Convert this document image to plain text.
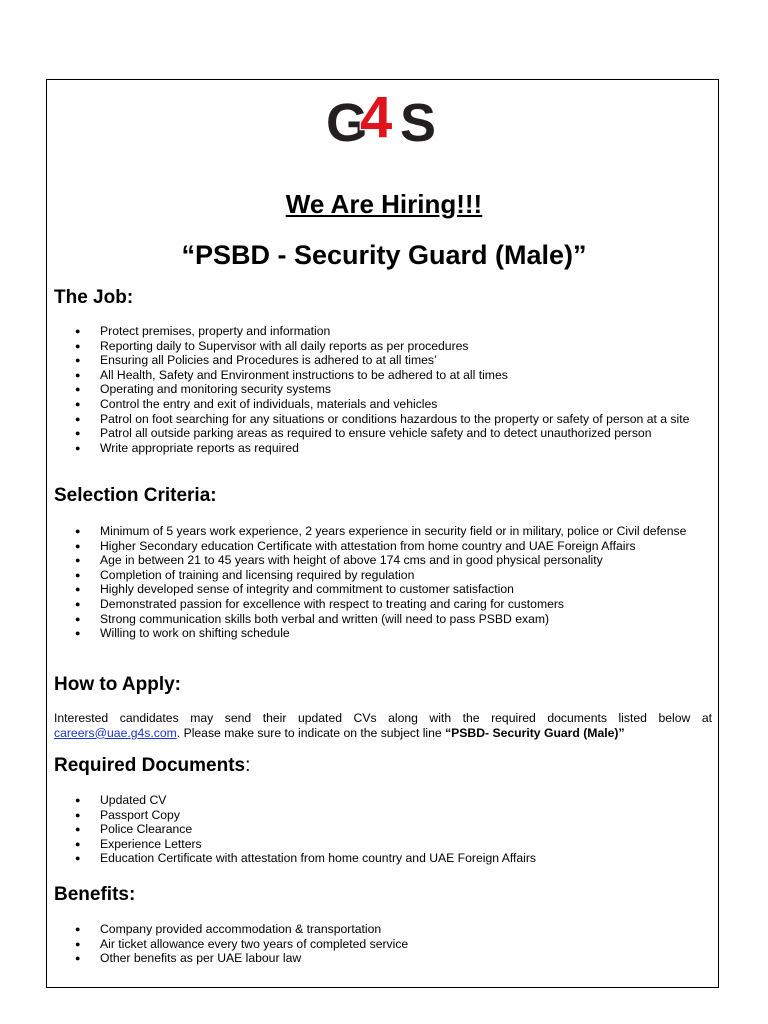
G S
4
We Are Hiring!!!
“PSBD - Security Guard (Male)”
The Job:
● Protect premises, property and information
● Reporting daily to Supervisor with all daily reports as per procedures
● Ensuring all Policies and Procedures is adhered to at all times’
● All Health, Safety and Environment instructions to be adhered to at all times
● Operating and monitoring security systems
● Control the entry and exit of individuals, materials and vehicles
● Patrol on foot searching for any situations or conditions hazardous to the property or safety of person at a site
● Patrol all outside parking areas as required to ensure vehicle safety and to detect unauthorized person
● Write appropriate reports as required
Selection Criteria:
● Minimum of 5 years work experience, 2 years experience in security field or in military, police or Civil defense
● Higher Secondary education Certificate with attestation from home country and UAE Foreign Affairs
● Age in between 21 to 45 years with height of above 174 cms and in good physical personality
● Completion of training and licensing required by regulation
● Highly developed sense of integrity and commitment to customer satisfaction
● Demonstrated passion for excellence with respect to treating and caring for customers
● Strong communication skills both verbal and written (will need to pass PSBD exam)
● Willing to work on shifting schedule
How to Apply:

Interested candidates may send their updated CVs along with the required documents listed below at careers@uae.g4s.com. Please make sure to indicate on the subject line “PSBD- Security Guard (Male)”

Required Documents:
● Updated CV
● Passport Copy
● Police Clearance
● Experience Letters
● Education Certificate with attestation from home country and UAE Foreign Affairs
Benefits:
● Company provided accommodation & transportation
● Air ticket allowance every two years of completed service
● Other benefits as per UAE labour law
